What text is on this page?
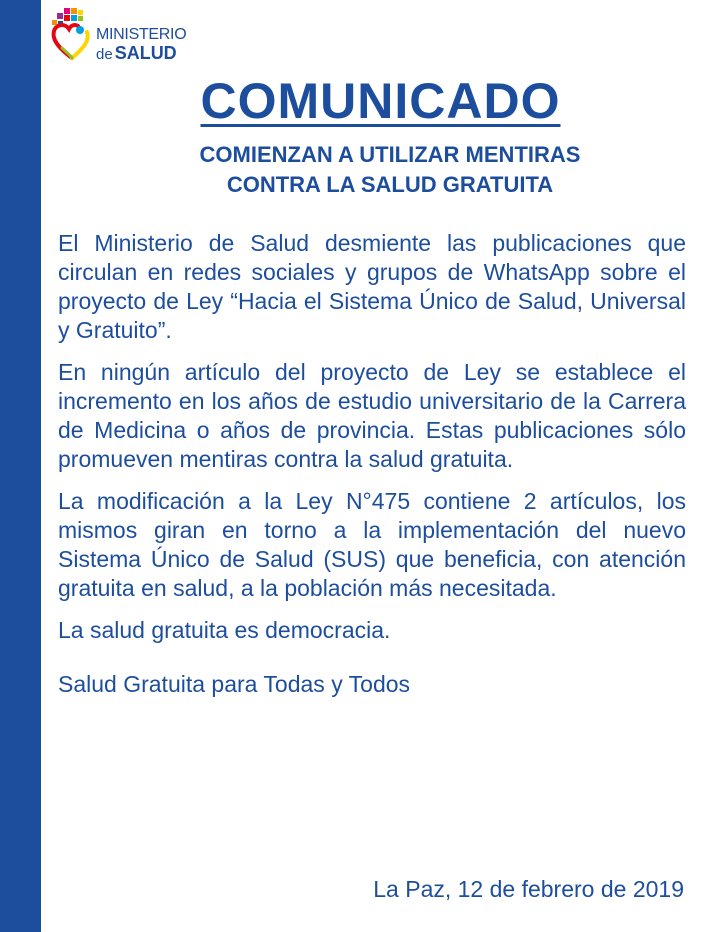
MINISTERIO
de SALUD
COMUNICADO
COMIENZAN A UTILIZAR MENTIRAS
CONTRA LA SALUD GRATUITA

El Ministerio de Salud desmiente las publicaciones que circulan en redes sociales y grupos de WhatsApp sobre el proyecto de Ley “Hacia el Sistema Único de Salud, Universal y Gratuito”.

En ningún artículo del proyecto de Ley se establece el incremento en los años de estudio universitario de la Carrera de Medicina o años de provincia. Estas publicaciones sólo promueven mentiras contra la salud gratuita.

La modificación a la Ley N°475 contiene 2 artículos, los mismos giran en torno a la implementación del nuevo Sistema Único de Salud (SUS) que beneficia, con atención gratuita en salud, a la población más necesitada.

La salud gratuita es democracia.

Salud Gratuita para Todas y Todos

La Paz, 12 de febrero de 2019
